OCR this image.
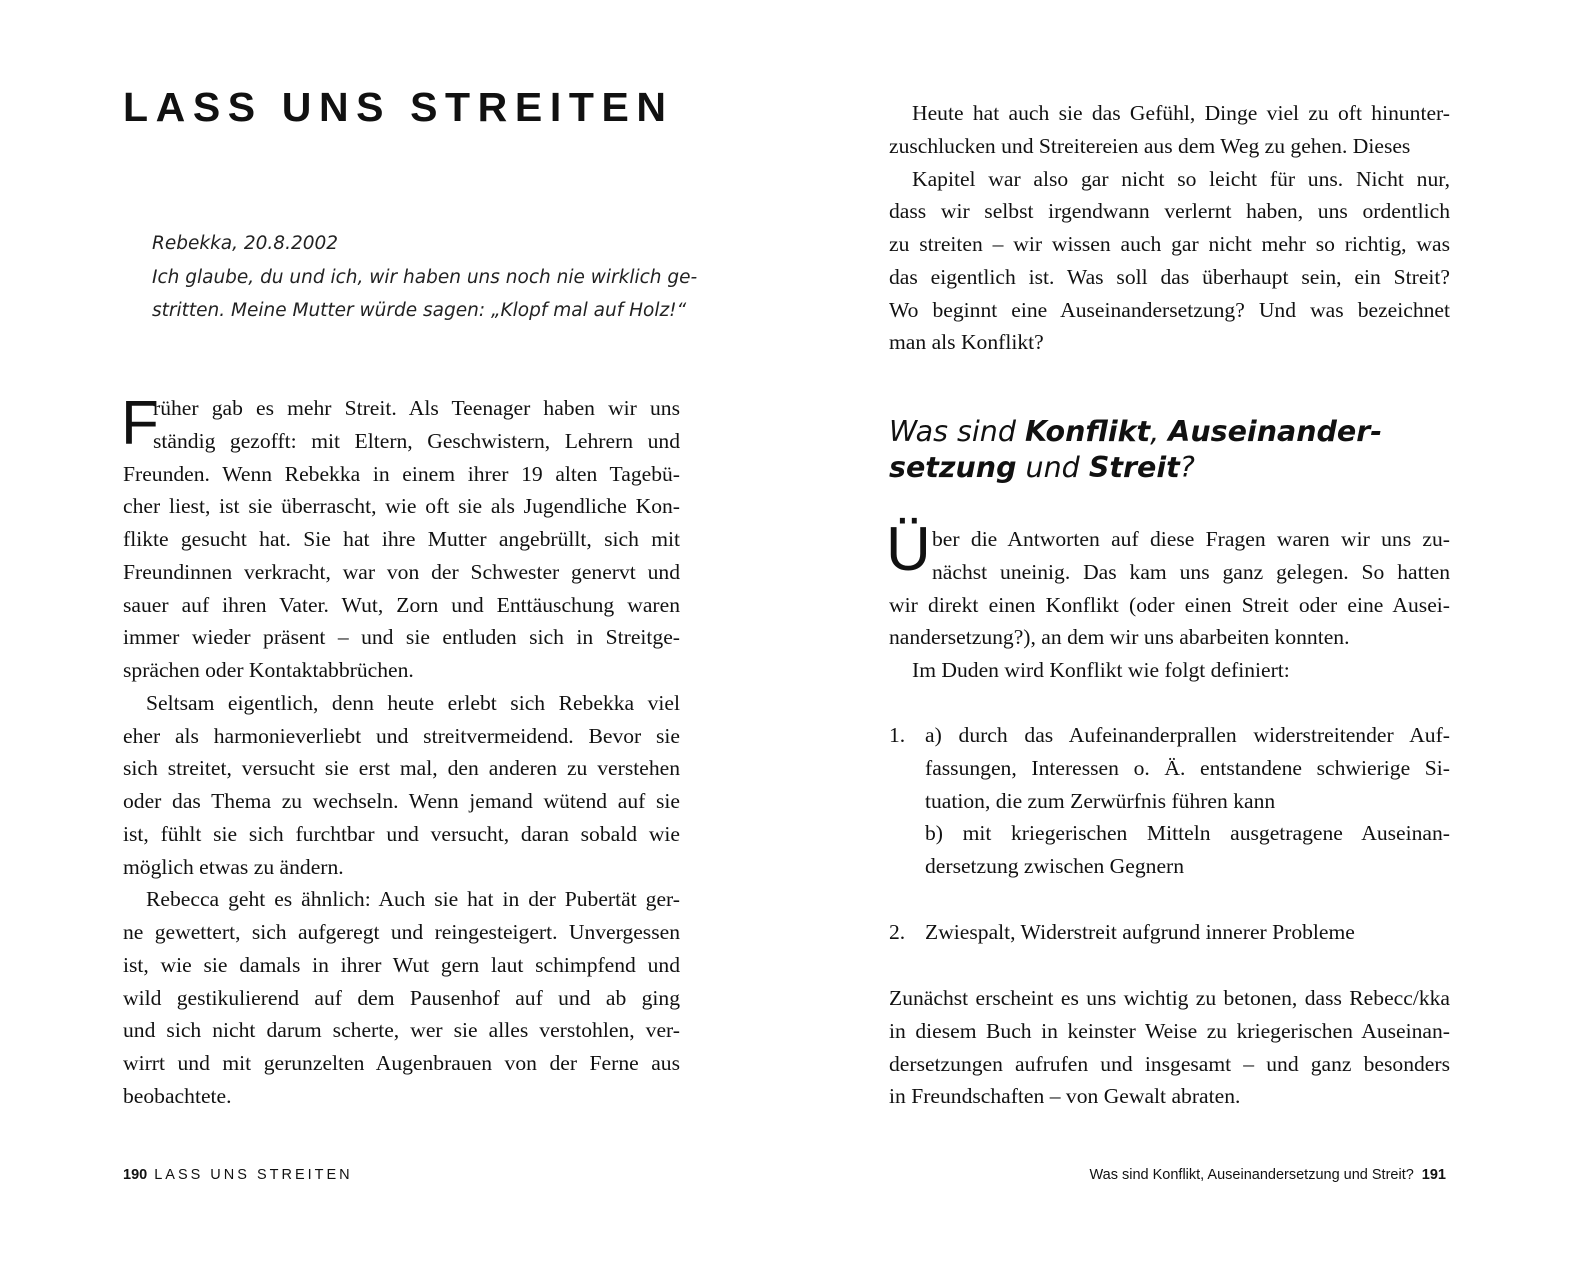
LASS UNS STREITEN
Rebekka, 20.8.2002
Ich glaube, du und ich, wir haben uns noch nie wirklich ge-
stritten. Meine Mutter würde sagen: „Klopf mal auf Holz!“
F
rüher gab es mehr Streit. Als Teenager haben wir uns
ständig gezofft: mit Eltern, Geschwistern, Lehrern und
Freunden. Wenn Rebekka in einem ihrer 19 alten Tagebü-
cher liest, ist sie überrascht, wie oft sie als Jugendliche Kon-
flikte gesucht hat. Sie hat ihre Mutter angebrüllt, sich mit
Freundinnen verkracht, war von der Schwester genervt und
sauer auf ihren Vater. Wut, Zorn und Enttäuschung waren
immer wieder präsent – und sie entluden sich in Streitge-
sprächen oder Kontaktabbrüchen.
Seltsam eigentlich, denn heute erlebt sich Rebekka viel
eher als harmonieverliebt und streitvermeidend. Bevor sie
sich streitet, versucht sie erst mal, den anderen zu verstehen
oder das Thema zu wechseln. Wenn jemand wütend auf sie
ist, fühlt sie sich furchtbar und versucht, daran sobald wie
möglich etwas zu ändern.
Rebecca geht es ähnlich: Auch sie hat in der Pubertät ger-
ne gewettert, sich aufgeregt und reingesteigert. Unvergessen
ist, wie sie damals in ihrer Wut gern laut schimpfend und
wild gestikulierend auf dem Pausenhof auf und ab ging
und sich nicht darum scherte, wer sie alles verstohlen, ver-
wirrt und mit gerunzelten Augenbrauen von der Ferne aus
beobachtete.
Heute hat auch sie das Gefühl, Dinge viel zu oft hinunter-
zuschlucken und Streitereien aus dem Weg zu gehen. Dieses
Kapitel war also gar nicht so leicht für uns. Nicht nur,
dass wir selbst irgendwann verlernt haben, uns ordentlich
zu streiten – wir wissen auch gar nicht mehr so richtig, was
das eigentlich ist. Was soll das überhaupt sein, ein Streit?
Wo beginnt eine Auseinandersetzung? Und was bezeichnet
man als Konflikt?
Was sind Konflikt, Auseinander-
setzung und Streit?
Ü ber die Antworten auf diese Fragen waren wir uns zu-
nächst uneinig. Das kam uns ganz gelegen. So hatten
wir direkt einen Konflikt (oder einen Streit oder eine Ausei-
nandersetzung?), an dem wir uns abarbeiten konnten.
Im Duden wird Konflikt wie folgt definiert:
1. a) durch das Aufeinanderprallen widerstreitender Auf-
fassungen, Interessen o. Ä. entstandene schwierige Si-
tuation, die zum Zerwürfnis führen kann
b) mit kriegerischen Mitteln ausgetragene Auseinan-
dersetzung zwischen Gegnern
2. Zwiespalt, Widerstreit aufgrund innerer Probleme
Zunächst erscheint es uns wichtig zu betonen, dass Rebecc/kka
in diesem Buch in keinster Weise zu kriegerischen Auseinan-
dersetzungen aufrufen und insgesamt – und ganz besonders
in Freundschaften – von Gewalt abraten.
190 LASS UNS STREITEN	Was sind Konflikt, Auseinandersetzung und Streit? 191
